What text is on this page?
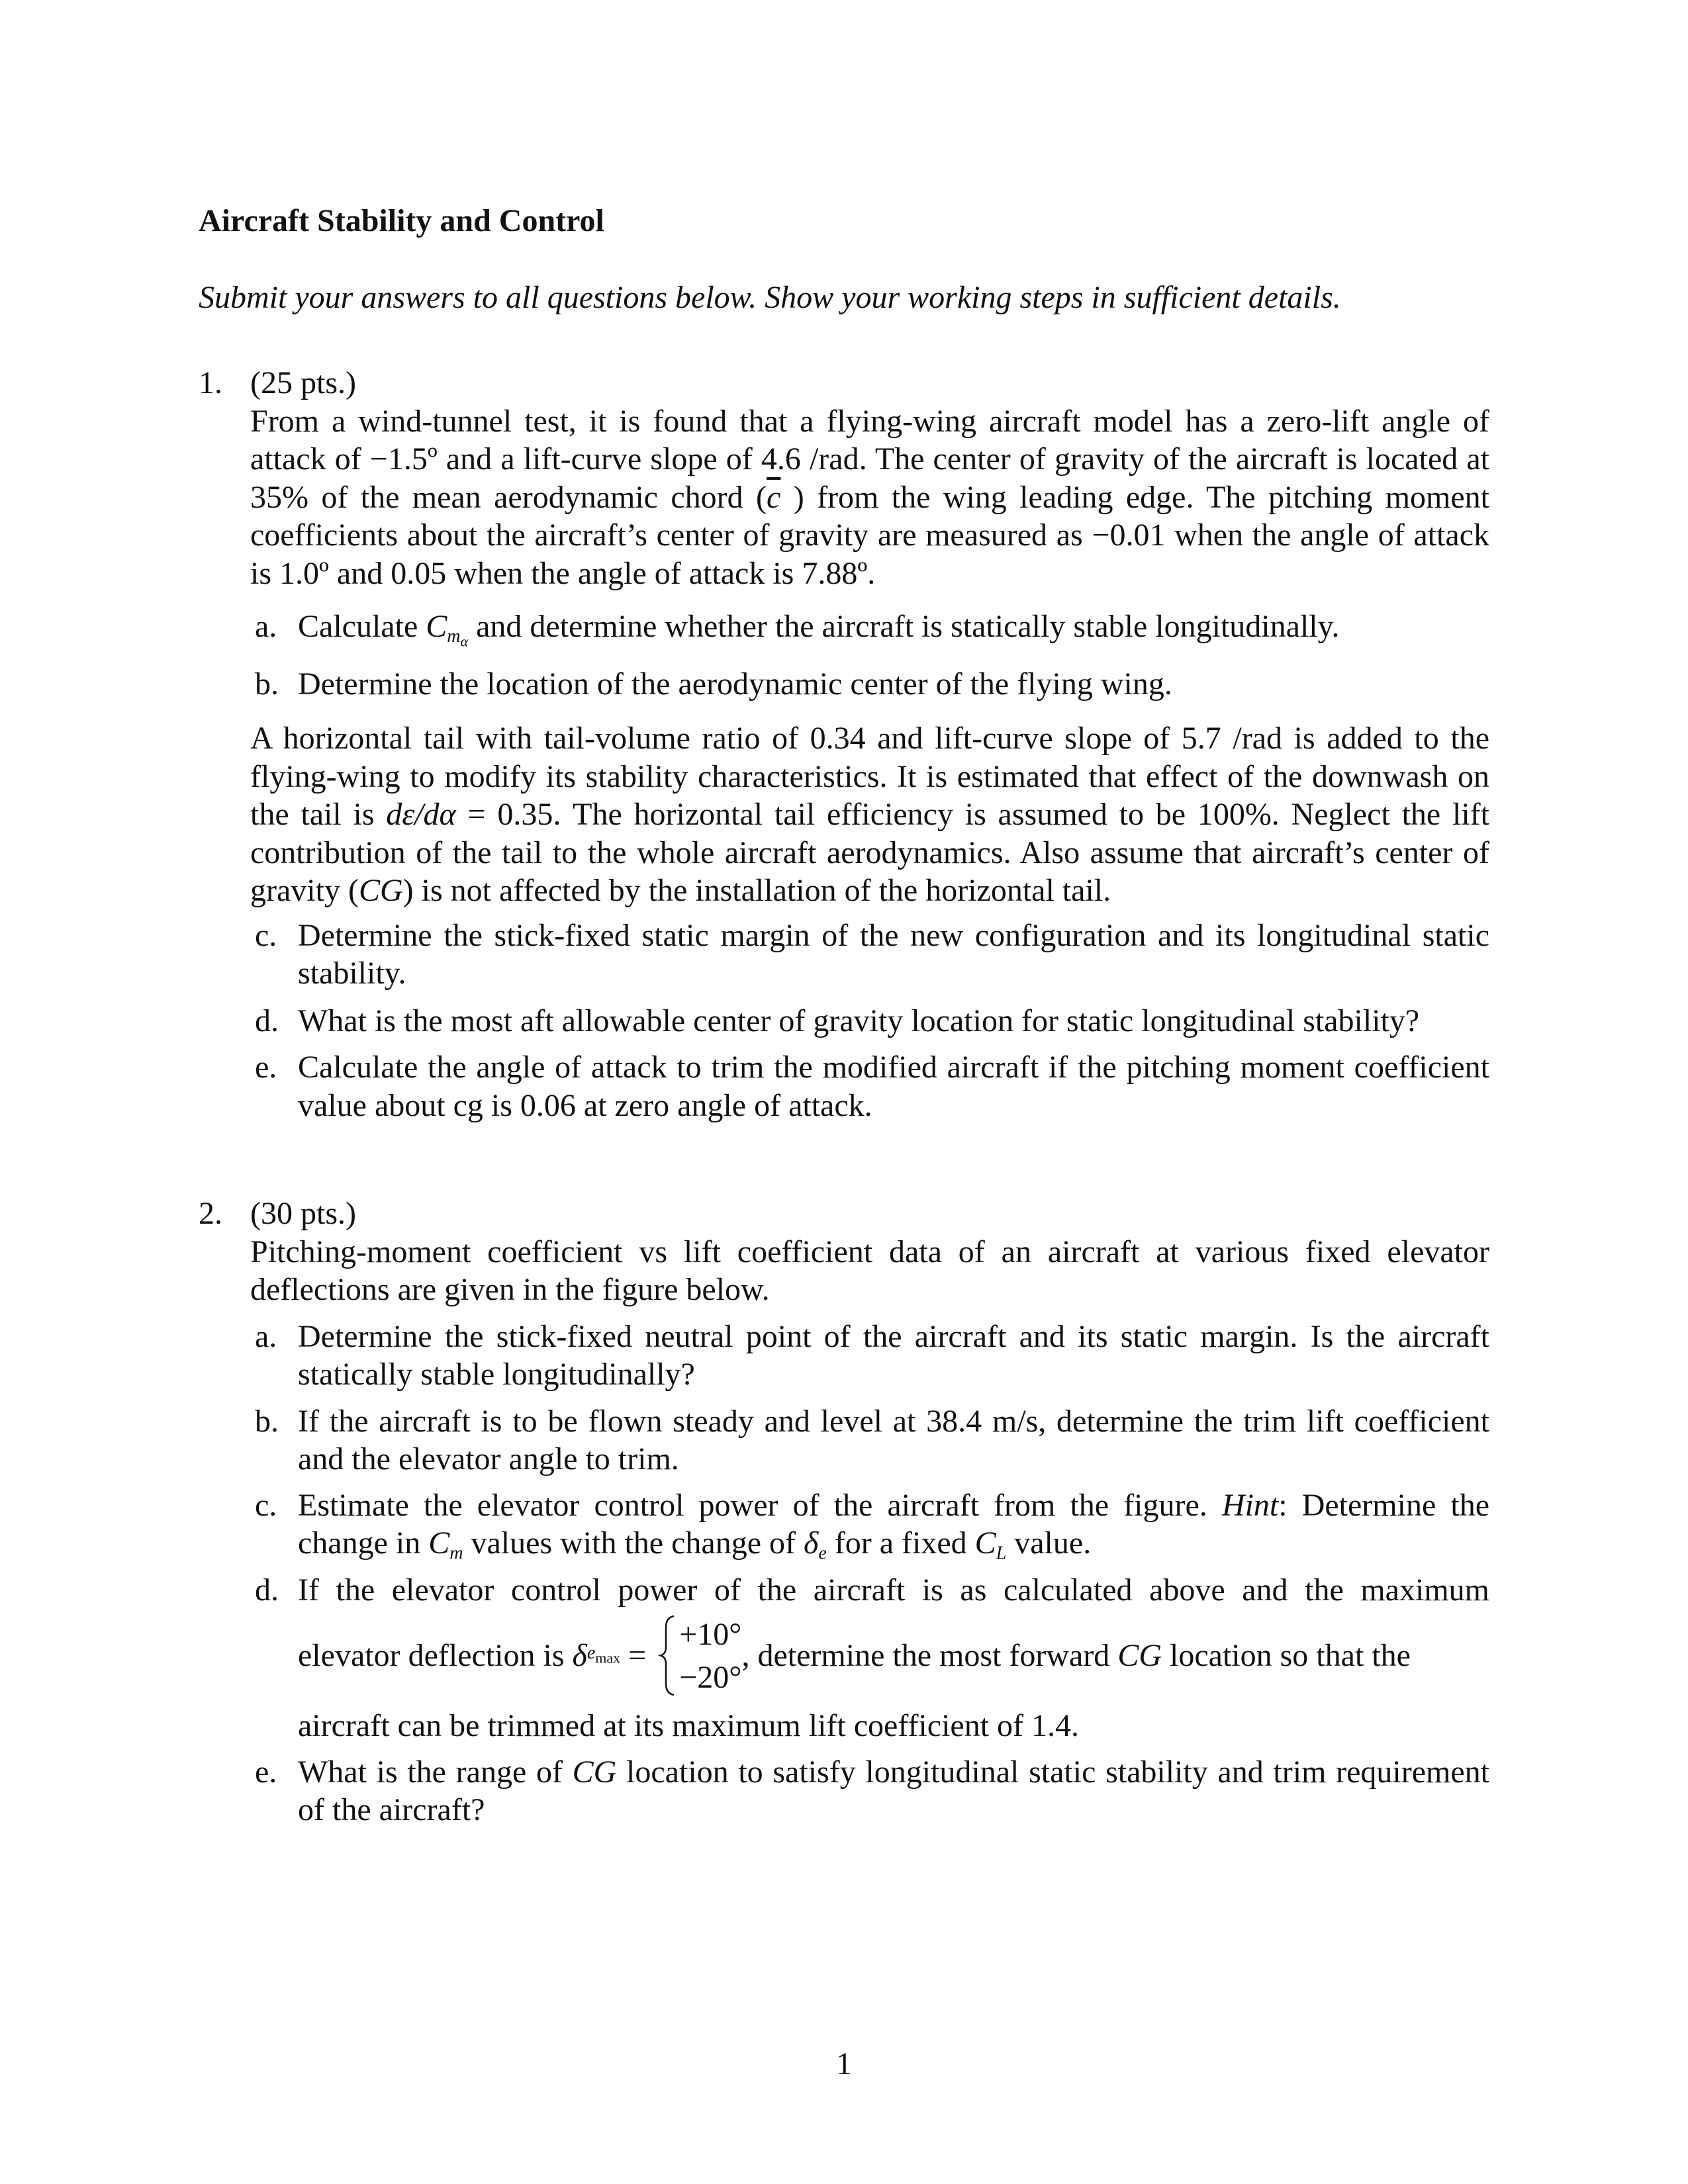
Aircraft Stability and Control
Submit your answers to all questions below. Show your working steps in sufficient details.
1. (25 pts.)
From a wind-tunnel test, it is found that a flying-wing aircraft model has a zero-lift angle of attack of −1.5º and a lift-curve slope of 4.6 /rad. The center of gravity of the aircraft is located at 35% of the mean aerodynamic chord ($\overline{c}$ ) from the wing leading edge. The pitching moment coefficients about the aircraft’s center of gravity are measured as −0.01 when the angle of attack is 1.0º and 0.05 when the angle of attack is 7.88º.
a. Calculate $C_{m_\alpha}$ and determine whether the aircraft is statically stable longitudinally.
b. Determine the location of the aerodynamic center of the flying wing.
A horizontal tail with tail-volume ratio of 0.34 and lift-curve slope of 5.7 /rad is added to the flying-wing to modify its stability characteristics. It is estimated that effect of the downwash on the tail is dε/dα = 0.35. The horizontal tail efficiency is assumed to be 100%. Neglect the lift contribution of the tail to the whole aircraft aerodynamics. Also assume that aircraft’s center of gravity (CG) is not affected by the installation of the horizontal tail.
c. Determine the stick-fixed static margin of the new configuration and its longitudinal static stability.
d. What is the most aft allowable center of gravity location for static longitudinal stability?
e. Calculate the angle of attack to trim the modified aircraft if the pitching moment coefficient value about cg is 0.06 at zero angle of attack.
2. (30 pts.)
Pitching-moment coefficient vs lift coefficient data of an aircraft at various fixed elevator deflections are given in the figure below.
a. Determine the stick-fixed neutral point of the aircraft and its static margin. Is the aircraft statically stable longitudinally?
b. If the aircraft is to be flown steady and level at 38.4 m/s, determine the trim lift coefficient and the elevator angle to trim.
c. Estimate the elevator control power of the aircraft from the figure. Hint: Determine the change in $C_m$ values with the change of $\delta_e$ for a fixed $C_L$ value.
d. If the elevator control power of the aircraft is as calculated above and the maximum
elevator deflection is δ $e_{max}$ =
+10°
−20°
, determine the most forward CG location so that the
aircraft can be trimmed at its maximum lift coefficient of 1.4.
e. What is the range of CG location to satisfy longitudinal static stability and trim requirement of the aircraft?
1
